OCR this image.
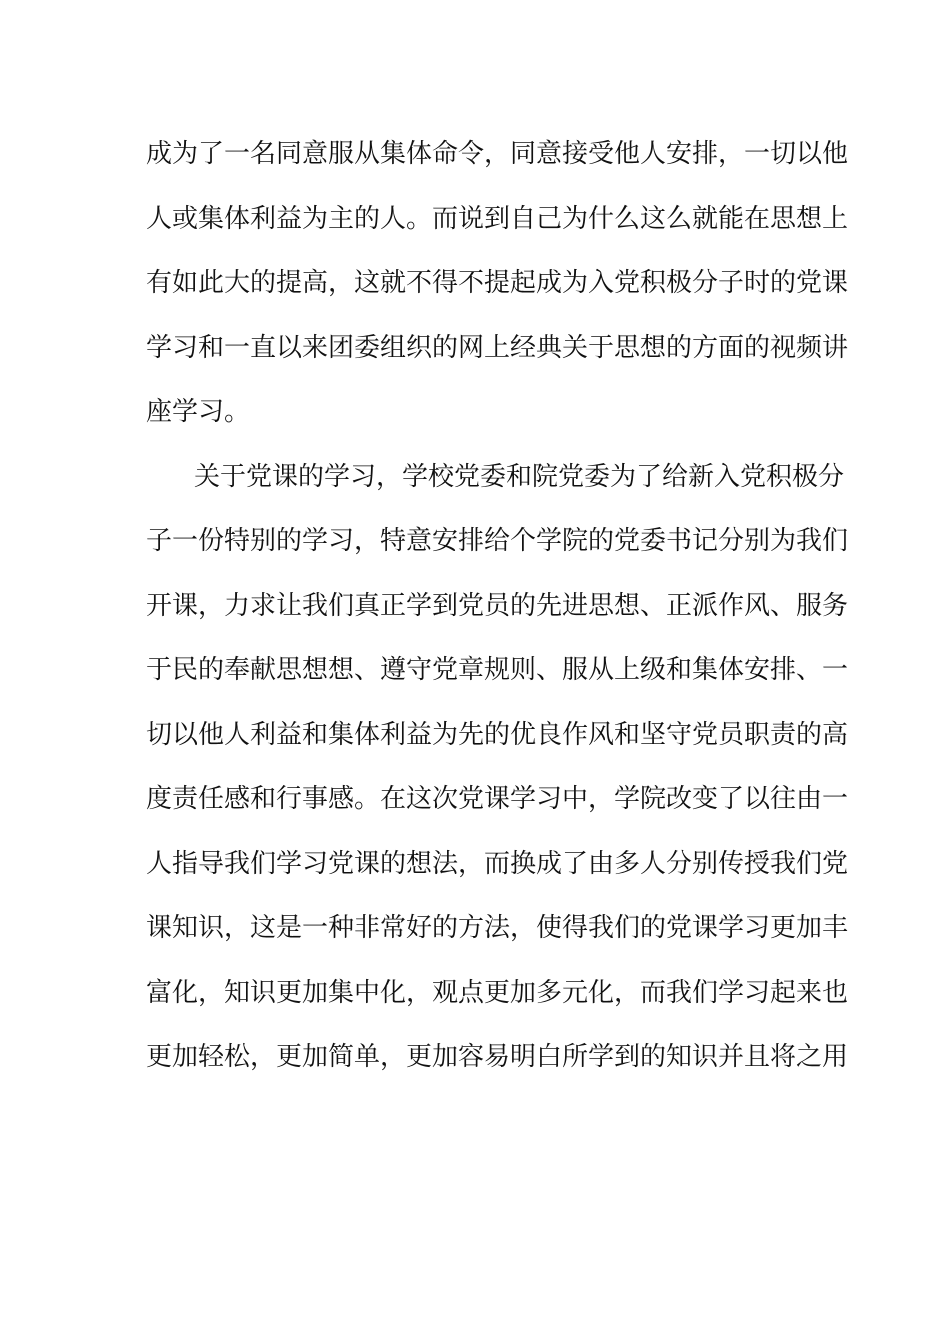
成为了一名同意服从集体命令，同意接受他人安排，一切以他
人或集体利益为主的人。而说到自己为什么这么就能在思想上
有如此大的提高，这就不得不提起成为入党积极分子时的党课
学习和一直以来团委组织的网上经典关于思想的方面的视频讲
座学习。
关于党课的学习，学校党委和院党委为了给新入党积极分
子一份特别的学习，特意安排给个学院的党委书记分别为我们
开课，力求让我们真正学到党员的先进思想、正派作风、服务
于民的奉献思想想、遵守党章规则、服从上级和集体安排、一
切以他人利益和集体利益为先的优良作风和坚守党员职责的高
度责任感和行事感。在这次党课学习中，学院改变了以往由一
人指导我们学习党课的想法，而换成了由多人分别传授我们党
课知识，这是一种非常好的方法，使得我们的党课学习更加丰
富化，知识更加集中化，观点更加多元化，而我们学习起来也
更加轻松，更加简单，更加容易明白所学到的知识并且将之用
